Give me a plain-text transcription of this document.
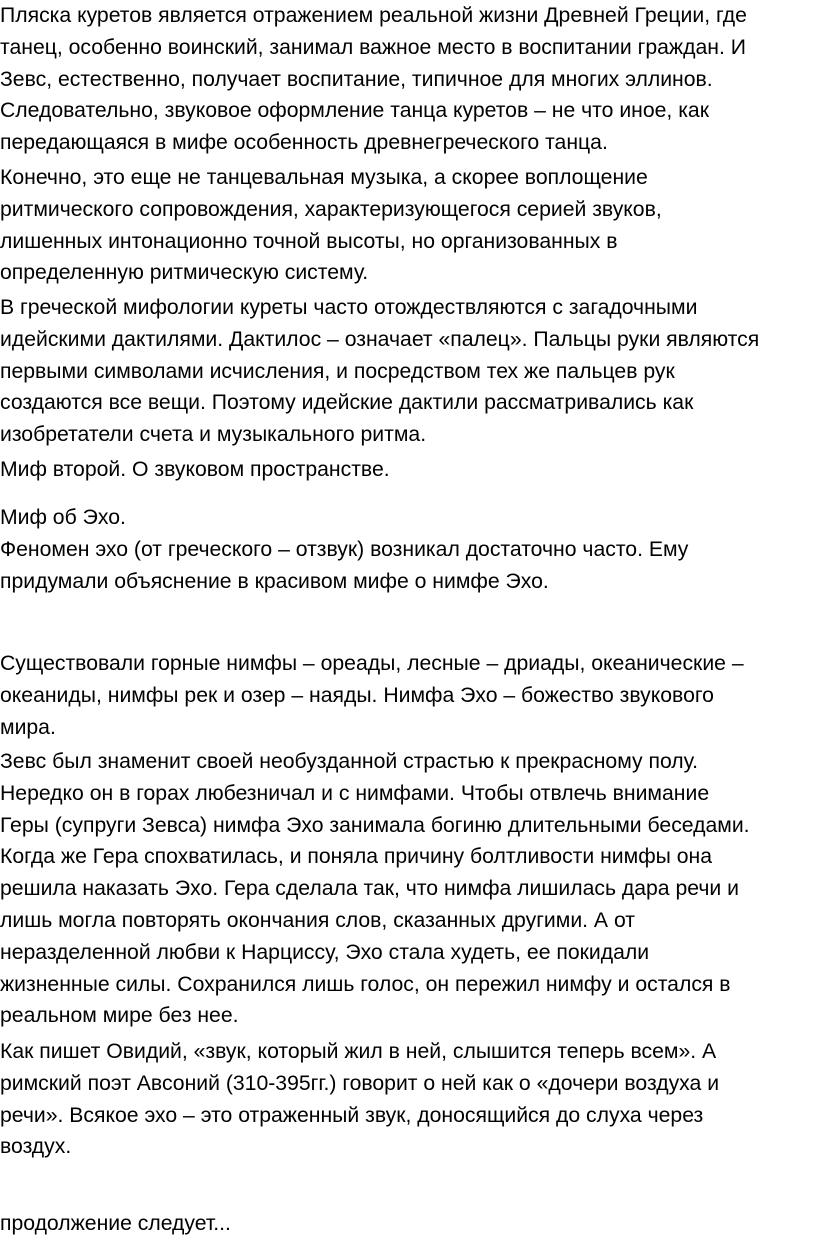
Пляска куретов является отражением реальной жизни Древней Греции, где
танец, особенно воинский, занимал важное место в воспитании граждан. И
Зевс, естественно, получает воспитание, типичное для многих эллинов.
Следовательно, звуковое оформление танца куретов – не что иное, как
передающаяся в мифе особенность древнегреческого танца.

Конечно, это еще не танцевальная музыка, а скорее воплощение
ритмического сопровождения, характеризующегося серией звуков,
лишенных интонационно точной высоты, но организованных в
определенную ритмическую систему.

В греческой мифологии куреты часто отождествляются с загадочными
идейскими дактилями. Дактилос – означает «палец». Пальцы руки являются
первыми символами исчисления, и посредством тех же пальцев рук
создаются все вещи. Поэтому идейские дактили рассматривались как
изобретатели счета и музыкального ритма.

Миф второй. О звуковом пространстве.

Миф об Эхо.
Феномен эхо (от греческого – отзвук) возникал достаточно часто. Ему
придумали объяснение в красивом мифе о нимфе Эхо.

Существовали горные нимфы – ореады, лесные – дриады, океанические –
океаниды, нимфы рек и озер – наяды. Нимфа Эхо – божество звукового
мира.

Зевс был знаменит своей необузданной страстью к прекрасному полу.
Нередко он в горах любезничал и с нимфами. Чтобы отвлечь внимание
Геры (супруги Зевса) нимфа Эхо занимала богиню длительными беседами.
Когда же Гера спохватилась, и поняла причину болтливости нимфы она
решила наказать Эхо. Гера сделала так, что нимфа лишилась дара речи и
лишь могла повторять окончания слов, сказанных другими. А от
неразделенной любви к Нарциссу, Эхо стала худеть, ее покидали
жизненные силы. Сохранился лишь голос, он пережил нимфу и остался в
реальном мире без нее.

Как пишет Овидий, «звук, который жил в ней, слышится теперь всем». А
римский поэт Авсоний (310-395гг.) говорит о ней как о «дочери воздуха и
речи». Всякое эхо – это отраженный звук, доносящийся до слуха через
воздух.

продолжение следует...
